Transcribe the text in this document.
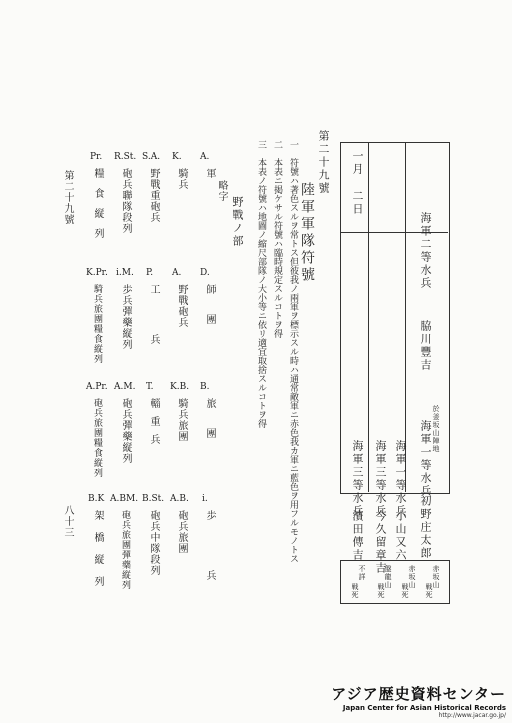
一月
二日
海軍二等水兵
脇川豐吉
於釜坂山陣地
海軍一等水兵
初野庄太郎
海軍一等水兵
小山又六
海軍三等水兵
今久留章吉
海軍三等水兵
濱田傳吉
赤坂山
赤坂山
盤龍山
不詳
戦死
戦死
戦死
戦死
第二十九號
陸軍軍隊符號
一　符號ハ著色スルヲ常トス但彼我ノ兩軍ヲ標示スル時ハ通常敵軍ニ赤色我カ軍ニ藍色ヲ用フルモノトス
二　本表ニ掲ケサル符號ハ臨時規定スルコトヲ得
三　本表ノ符號ハ地圖ノ縮尺部隊ノ大小等ニ依リ適宜取捨スルコトヲ得
野戰ノ部
略字
A.
軍
K.
騎兵
S.A.
野戰重砲兵
R.St.
砲兵聯隊段列
Pr.
糧食縦列
D.
師團
A.
野戰砲兵
P.
工兵
i.M.
歩兵彈藥縦列
K.Pr.
騎兵旅團糧食縦列
B.
旅團
K.B.
騎兵旅團
T.
輜重兵
A.M.
砲兵彈藥縦列
A.Pr.
砲兵旅團糧食縦列
i.
歩兵
A.B.
砲兵旅團
B.St.
砲兵中隊段列
A.BM.
砲兵旅團彈藥縦列
B.K
架橋縦列
第二十九號
八十三
アジア歴史資料センター
Japan Center for Asian Historical Records
http://www.jacar.go.jp/
